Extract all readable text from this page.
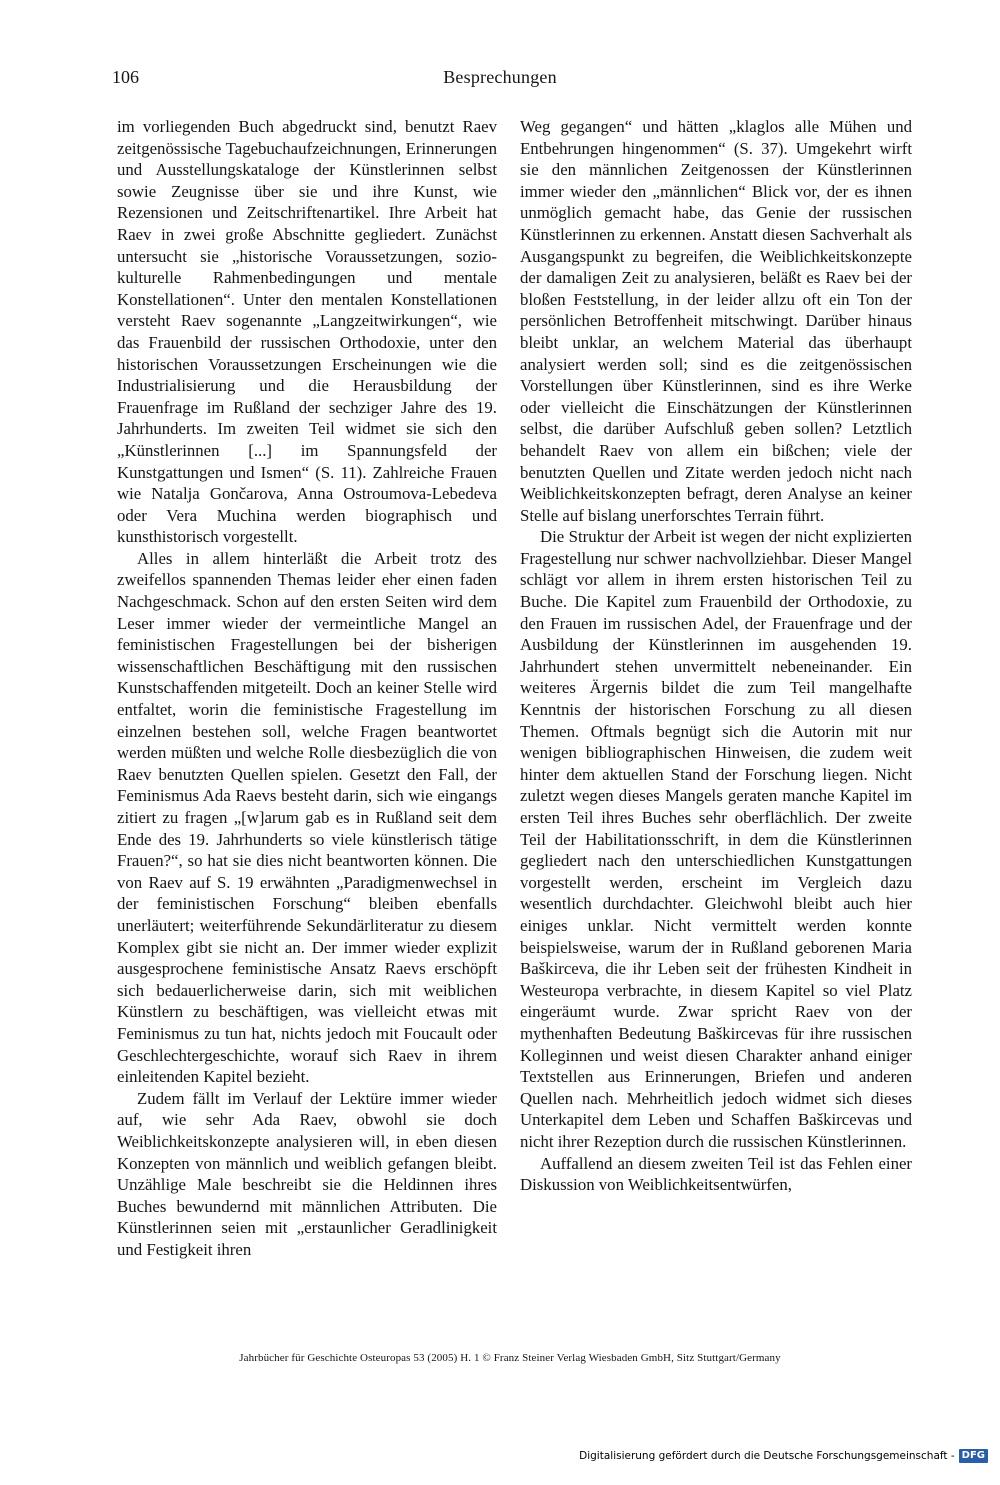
106	Besprechungen

im vorliegenden Buch abgedruckt sind, benutzt Raev zeitgenössische Tagebuchaufzeichnungen, Erinnerungen und Ausstellungskataloge der Künstlerinnen selbst sowie Zeugnisse über sie und ihre Kunst, wie Rezensionen und Zeitschriftenartikel. Ihre Arbeit hat Raev in zwei große Abschnitte gegliedert. Zunächst untersucht sie „historische Voraussetzungen, sozio-kulturelle Rahmenbedingungen und mentale Konstellationen“. Unter den mentalen Konstellationen versteht Raev sogenannte „Langzeitwirkungen“, wie das Frauenbild der russischen Orthodoxie, unter den historischen Voraussetzungen Erscheinungen wie die Industrialisierung und die Herausbildung der Frauenfrage im Rußland der sechziger Jahre des 19. Jahrhunderts. Im zweiten Teil widmet sie sich den „Künstlerinnen [...] im Spannungsfeld der Kunstgattungen und Ismen“ (S. 11). Zahlreiche Frauen wie Natalja Gončarova, Anna Ostroumova-Lebedeva oder Vera Muchina werden biographisch und kunsthistorisch vorgestellt.

Alles in allem hinterläßt die Arbeit trotz des zweifellos spannenden Themas leider eher einen faden Nachgeschmack. Schon auf den ersten Seiten wird dem Leser immer wieder der vermeintliche Mangel an feministischen Fragestellungen bei der bisherigen wissenschaftlichen Beschäftigung mit den russischen Kunstschaffenden mitgeteilt. Doch an keiner Stelle wird entfaltet, worin die feministische Fragestellung im einzelnen bestehen soll, welche Fragen beantwortet werden müßten und welche Rolle diesbezüglich die von Raev benutzten Quellen spielen. Gesetzt den Fall, der Feminismus Ada Raevs besteht darin, sich wie eingangs zitiert zu fragen „[w]arum gab es in Rußland seit dem Ende des 19. Jahrhunderts so viele künstlerisch tätige Frauen?“, so hat sie dies nicht beantworten können. Die von Raev auf S. 19 erwähnten „Paradigmenwechsel in der feministischen Forschung“ bleiben ebenfalls unerläutert; weiterführende Sekundärliteratur zu diesem Komplex gibt sie nicht an. Der immer wieder explizit ausgesprochene feministische Ansatz Raevs erschöpft sich bedauerlicherweise darin, sich mit weiblichen Künstlern zu beschäftigen, was vielleicht etwas mit Feminismus zu tun hat, nichts jedoch mit Foucault oder Geschlechtergeschichte, worauf sich Raev in ihrem einleitenden Kapitel bezieht.

Zudem fällt im Verlauf der Lektüre immer wieder auf, wie sehr Ada Raev, obwohl sie doch Weiblichkeitskonzepte analysieren will, in eben diesen Konzepten von männlich und weiblich gefangen bleibt. Unzählige Male beschreibt sie die Heldinnen ihres Buches bewundernd mit männlichen Attributen. Die Künstlerinnen seien mit „erstaunlicher Geradlinigkeit und Festigkeit ihren

Weg gegangen“ und hätten „klaglos alle Mühen und Entbehrungen hingenommen“ (S. 37). Umgekehrt wirft sie den männlichen Zeitgenossen der Künstlerinnen immer wieder den „männlichen“ Blick vor, der es ihnen unmöglich gemacht habe, das Genie der russischen Künstlerinnen zu erkennen. Anstatt diesen Sachverhalt als Ausgangspunkt zu begreifen, die Weiblichkeitskonzepte der damaligen Zeit zu analysieren, beläßt es Raev bei der bloßen Feststellung, in der leider allzu oft ein Ton der persönlichen Betroffenheit mitschwingt. Darüber hinaus bleibt unklar, an welchem Material das überhaupt analysiert werden soll; sind es die zeitgenössischen Vorstellungen über Künstlerinnen, sind es ihre Werke oder vielleicht die Einschätzungen der Künstlerinnen selbst, die darüber Aufschluß geben sollen? Letztlich behandelt Raev von allem ein bißchen; viele der benutzten Quellen und Zitate werden jedoch nicht nach Weiblichkeitskonzepten befragt, deren Analyse an keiner Stelle auf bislang unerforschtes Terrain führt.

Die Struktur der Arbeit ist wegen der nicht explizierten Fragestellung nur schwer nachvollziehbar. Dieser Mangel schlägt vor allem in ihrem ersten historischen Teil zu Buche. Die Kapitel zum Frauenbild der Orthodoxie, zu den Frauen im russischen Adel, der Frauenfrage und der Ausbildung der Künstlerinnen im ausgehenden 19. Jahrhundert stehen unvermittelt nebeneinander. Ein weiteres Ärgernis bildet die zum Teil mangelhafte Kenntnis der historischen Forschung zu all diesen Themen. Oftmals begnügt sich die Autorin mit nur wenigen bibliographischen Hinweisen, die zudem weit hinter dem aktuellen Stand der Forschung liegen. Nicht zuletzt wegen dieses Mangels geraten manche Kapitel im ersten Teil ihres Buches sehr oberflächlich. Der zweite Teil der Habilitationsschrift, in dem die Künstlerinnen gegliedert nach den unterschiedlichen Kunstgattungen vorgestellt werden, erscheint im Vergleich dazu wesentlich durchdachter. Gleichwohl bleibt auch hier einiges unklar. Nicht vermittelt werden konnte beispielsweise, warum der in Rußland geborenen Maria Baškirceva, die ihr Leben seit der frühesten Kindheit in Westeuropa verbrachte, in diesem Kapitel so viel Platz eingeräumt wurde. Zwar spricht Raev von der mythenhaften Bedeutung Baškircevas für ihre russischen Kolleginnen und weist diesen Charakter anhand einiger Textstellen aus Erinnerungen, Briefen und anderen Quellen nach. Mehrheitlich jedoch widmet sich dieses Unterkapitel dem Leben und Schaffen Baškircevas und nicht ihrer Rezeption durch die russischen Künstlerinnen.

Auffallend an diesem zweiten Teil ist das Fehlen einer Diskussion von Weiblichkeitsentwürfen,

Jahrbücher für Geschichte Osteuropas 53 (2005) H. 1 © Franz Steiner Verlag Wiesbaden GmbH, Sitz Stuttgart/Germany
Digitalisierung gefördert durch die Deutsche Forschungsgemeinschaft - DFG
